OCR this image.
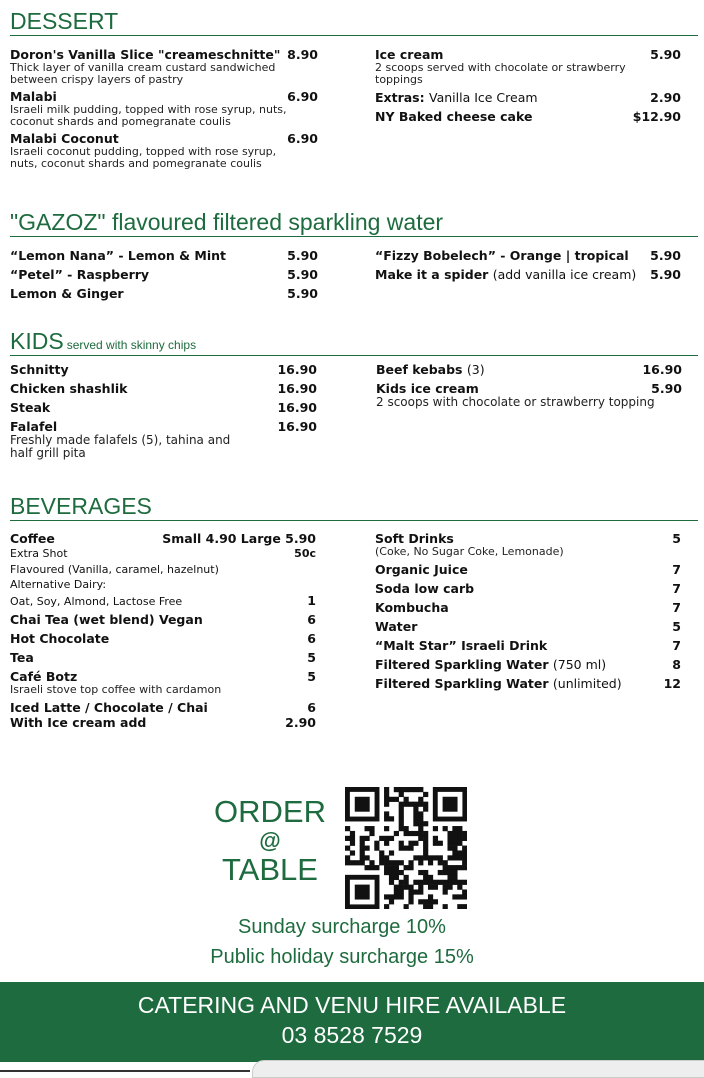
DESSERT
Doron's Vanilla Slice "creameschnitte" 8.90
Thick layer of vanilla cream custard sandwiched between crispy layers of pastry
Malabi	6.90
Israeli milk pudding, topped with rose syrup, nuts, coconut shards and pomegranate coulis
Malabi Coconut	6.90
Israeli coconut pudding, topped with rose syrup, nuts, coconut shards and pomegranate coulis
Ice cream	5.90
2 scoops served with chocolate or strawberry toppings
Extras: Vanilla Ice Cream	2.90
NY Baked cheese cake	$12.90
"GAZOZ" flavoured filtered sparkling water
“Lemon Nana” - Lemon & Mint	5.90
“Petel” - Raspberry	5.90
Lemon & Ginger	5.90
“Fizzy Bobelech” - Orange | tropical 5.90
Make it a spider (add vanilla ice cream) 5.90
KIDS served with skinny chips
Schnitty	16.90
Chicken shashlik	16.90
Steak	16.90
Falafel	16.90
Freshly made falafels (5), tahina and half grill pita
Beef kebabs (3)	16.90
Kids ice cream	5.90
2 scoops with chocolate or strawberry topping
BEVERAGES
Coffee	Small 4.90 Large 5.90
Extra Shot	50c
Flavoured (Vanilla, caramel, hazelnut)
Alternative Dairy:
Oat, Soy, Almond, Lactose Free	1
Chai Tea (wet blend) Vegan	6
Hot Chocolate	6
Tea	5
Café Botz	5
Israeli stove top coffee with cardamon
Iced Latte / Chocolate / Chai	6
With Ice cream add	2.90
Soft Drinks	5
(Coke, No Sugar Coke, Lemonade)
Organic Juice	7
Soda low carb	7
Kombucha	7
Water	5
“Malt Star” Israeli Drink	7
Filtered Sparkling Water (750 ml)	8
Filtered Sparkling Water (unlimited)	12
ORDER
@
TABLE
Sunday surcharge 10%
Public holiday surcharge 15%
CATERING AND VENU HIRE AVAILABLE
03 8528 7529
